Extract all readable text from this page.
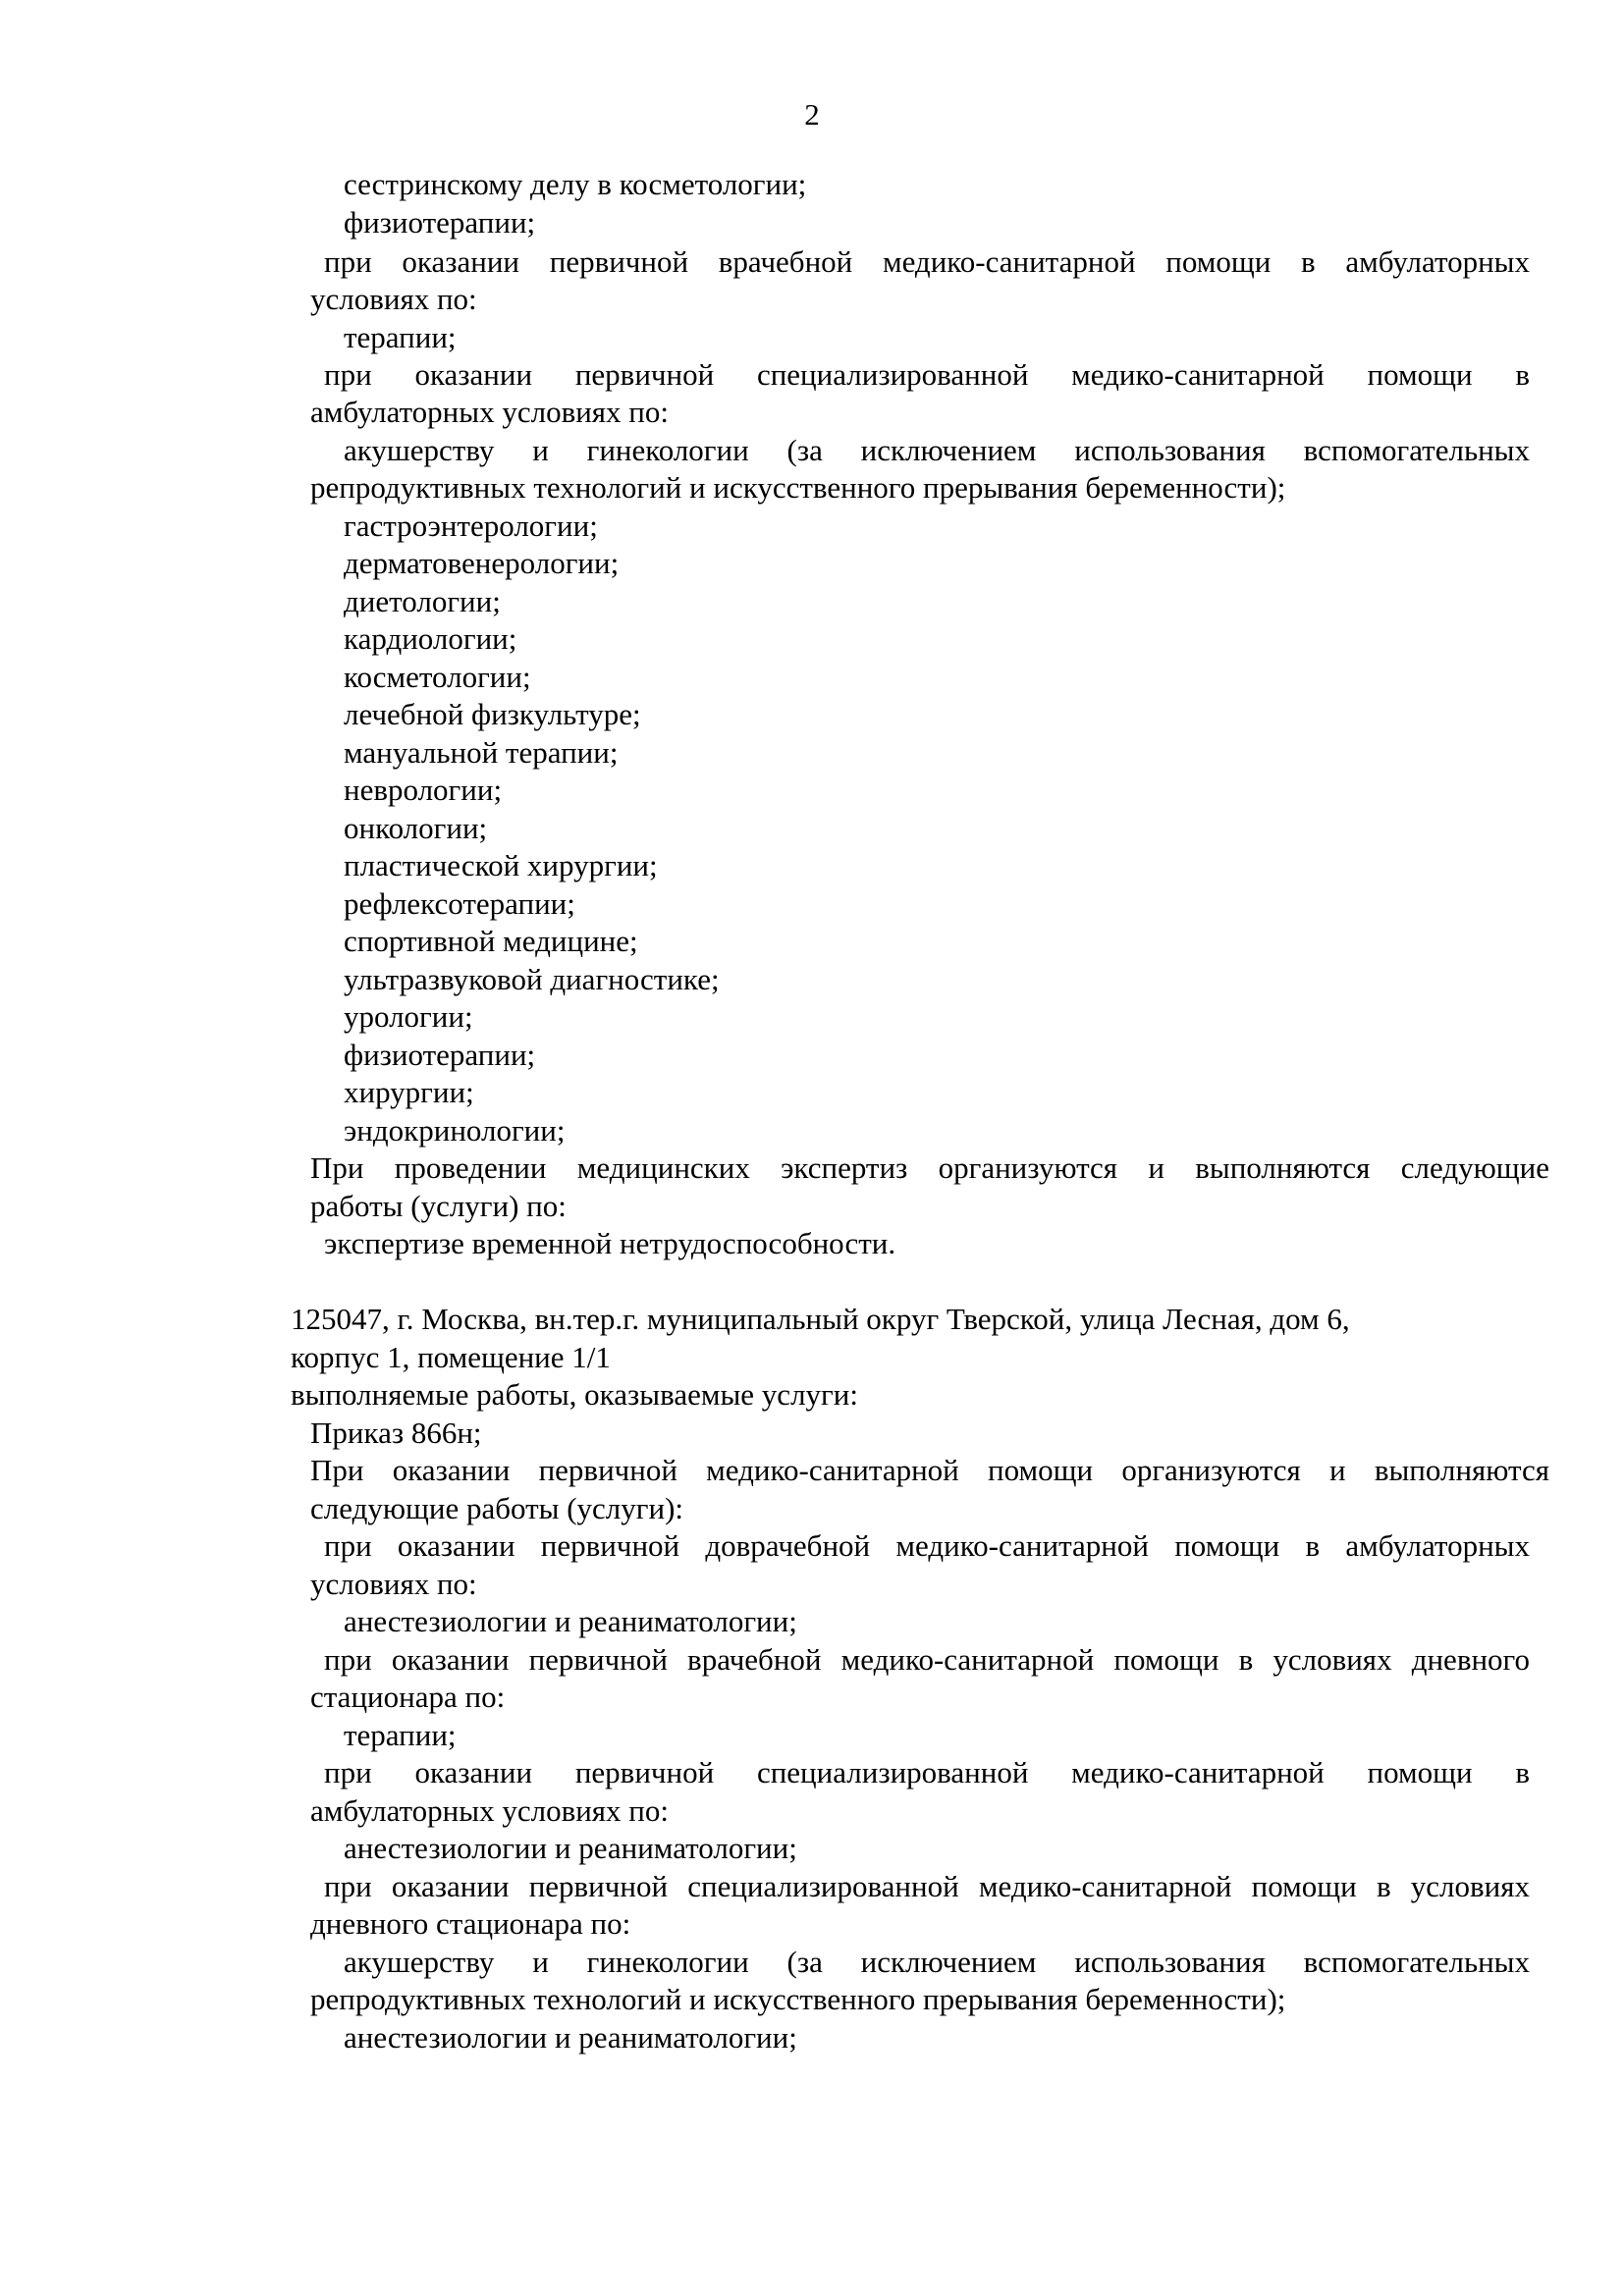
2
сестринскому делу в косметологии;
физиотерапии;
при оказании первичной врачебной медико-санитарной помощи в амбулаторных
условиях по:
терапии;
при оказании первичной специализированной медико-санитарной помощи в
амбулаторных условиях по:
акушерству и гинекологии (за исключением использования вспомогательных
репродуктивных технологий и искусственного прерывания беременности);
гастроэнтерологии;
дерматовенерологии;
диетологии;
кардиологии;
косметологии;
лечебной физкультуре;
мануальной терапии;
неврологии;
онкологии;
пластической хирургии;
рефлексотерапии;
спортивной медицине;
ультразвуковой диагностике;
урологии;
физиотерапии;
хирургии;
эндокринологии;
При проведении медицинских экспертиз организуются и выполняются следующие
работы (услуги) по:
экспертизе временной нетрудоспособности.
125047, г. Москва, вн.тер.г. муниципальный округ Тверской, улица Лесная, дом 6,
корпус 1, помещение 1/1
выполняемые работы, оказываемые услуги:
Приказ 866н;
При оказании первичной медико-санитарной помощи организуются и выполняются
следующие работы (услуги):
при оказании первичной доврачебной медико-санитарной помощи в амбулаторных
условиях по:
анестезиологии и реаниматологии;
при оказании первичной врачебной медико-санитарной помощи в условиях дневного
стационара по:
терапии;
при оказании первичной специализированной медико-санитарной помощи в
амбулаторных условиях по:
анестезиологии и реаниматологии;
при оказании первичной специализированной медико-санитарной помощи в условиях
дневного стационара по:
акушерству и гинекологии (за исключением использования вспомогательных
репродуктивных технологий и искусственного прерывания беременности);
анестезиологии и реаниматологии;
